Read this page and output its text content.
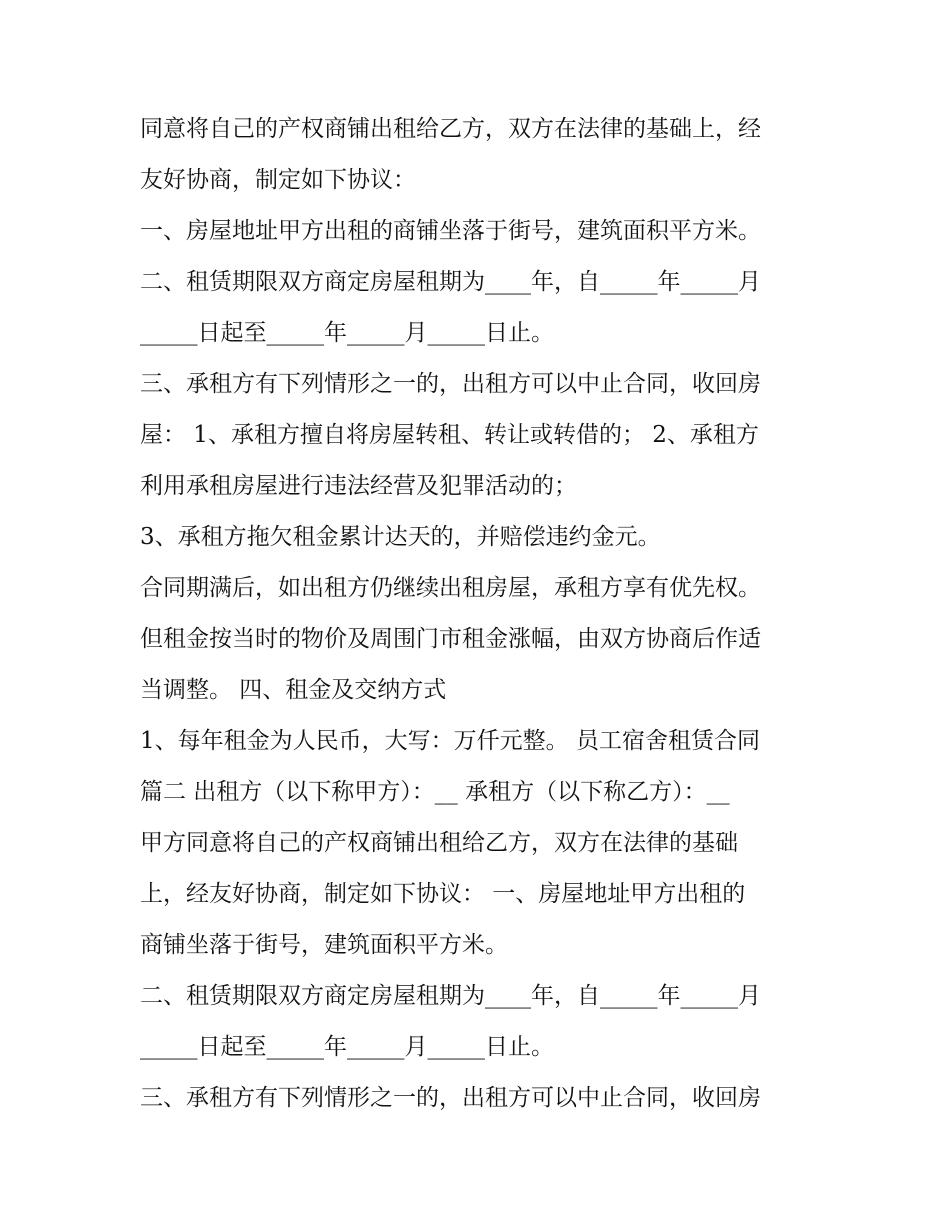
同意将自己的产权商铺出租给乙方，双方在法律的基础上，经
友好协商，制定如下协议：
一、房屋地址甲方出租的商铺坐落于街号，建筑面积平方米。
二、租赁期限双方商定房屋租期为____年，自_____年_____月
_____日起至_____年_____月_____日止。
三、承租方有下列情形之一的，出租方可以中止合同，收回房
屋： 1、承租方擅自将房屋转租、转让或转借的； 2、承租方
利用承租房屋进行违法经营及犯罪活动的；
3、承租方拖欠租金累计达天的，并赔偿违约金元。
合同期满后，如出租方仍继续出租房屋，承租方享有优先权。
但租金按当时的物价及周围门市租金涨幅，由双方协商后作适
当调整。 四、租金及交纳方式
1、每年租金为人民币，大写：万仟元整。 员工宿舍租赁合同
篇二 出租方（以下称甲方）：__ 承租方（以下称乙方）：__
甲方同意将自己的产权商铺出租给乙方，双方在法律的基础
上，经友好协商，制定如下协议： 一、房屋地址甲方出租的
商铺坐落于街号，建筑面积平方米。
二、租赁期限双方商定房屋租期为____年，自_____年_____月
_____日起至_____年_____月_____日止。
三、承租方有下列情形之一的，出租方可以中止合同，收回房
